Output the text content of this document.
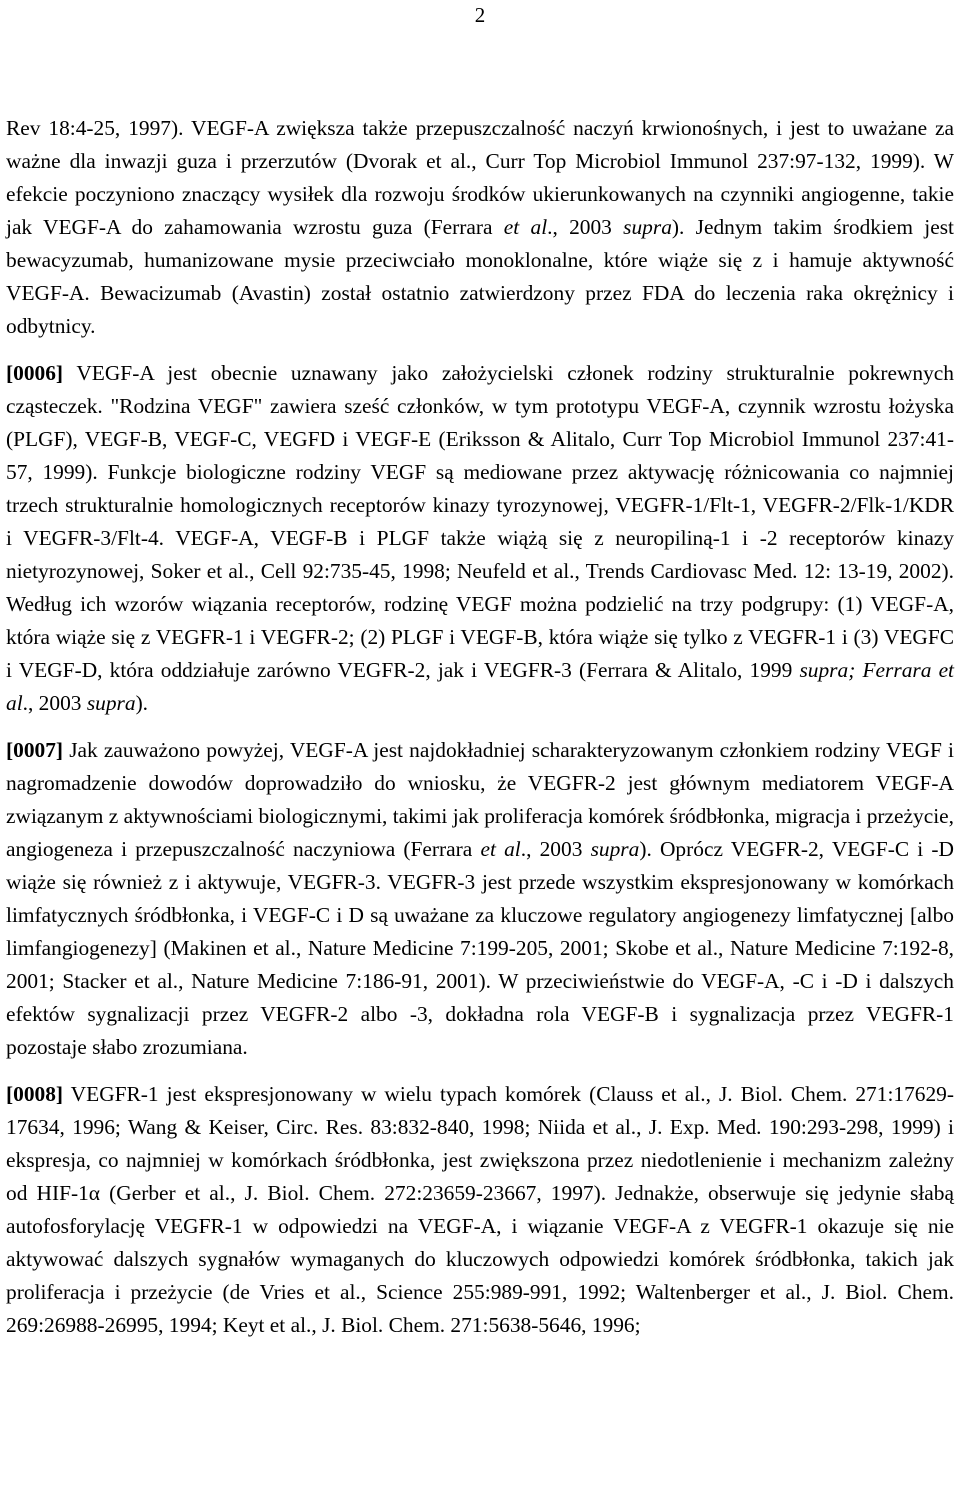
2

Rev 18:4-25, 1997). VEGF-A zwiększa także przepuszczalność naczyń krwionośnych, i jest to uważane za ważne dla inwazji guza i przerzutów (Dvorak et al., Curr Top Microbiol Immunol 237:97-132, 1999). W efekcie poczyniono znaczący wysiłek dla rozwoju środków ukierunkowanych na czynniki angiogenne, takie jak VEGF-A do zahamowania wzrostu guza (Ferrara et al., 2003 supra). Jednym takim środkiem jest bewacyzumab, humanizowane mysie przeciwciało monoklonalne, które wiąże się z i hamuje aktywność VEGF-A. Bewacizumab (Avastin) został ostatnio zatwierdzony przez FDA do leczenia raka okrężnicy i odbytnicy.

[0006] VEGF-A jest obecnie uznawany jako założycielski członek rodziny strukturalnie pokrewnych cząsteczek. "Rodzina VEGF" zawiera sześć członków, w tym prototypu VEGF-A, czynnik wzrostu łożyska (PLGF), VEGF-B, VEGF-C, VEGFD i VEGF-E (Eriksson & Alitalo, Curr Top Microbiol Immunol 237:41-57, 1999). Funkcje biologiczne rodziny VEGF są mediowane przez aktywację różnicowania co najmniej trzech strukturalnie homologicznych receptorów kinazy tyrozynowej, VEGFR-1/Flt-1, VEGFR-2/Flk-1/KDR i VEGFR-3/Flt-4. VEGF-A, VEGF-B i PLGF także wiążą się z neuropiliną-1 i -2 receptorów kinazy nietyrozynowej, Soker et al., Cell 92:735-45, 1998; Neufeld et al., Trends Cardiovasc Med. 12: 13-19, 2002). Według ich wzorów wiązania receptorów, rodzinę VEGF można podzielić na trzy podgrupy: (1) VEGF-A, która wiąże się z VEGFR-1 i VEGFR-2; (2) PLGF i VEGF-B, która wiąże się tylko z VEGFR-1 i (3) VEGFC i VEGF-D, która oddziałuje zarówno VEGFR-2, jak i VEGFR-3 (Ferrara & Alitalo, 1999 supra; Ferrara et al., 2003 supra).

[0007] Jak zauważono powyżej, VEGF-A jest najdokładniej scharakteryzowanym członkiem rodziny VEGF i nagromadzenie dowodów doprowadziło do wniosku, że VEGFR-2 jest głównym mediatorem VEGF-A związanym z aktywnościami biologicznymi, takimi jak proliferacja komórek śródbłonka, migracja i przeżycie, angiogeneza i przepuszczalność naczyniowa (Ferrara et al., 2003 supra). Oprócz VEGFR-2, VEGF-C i -D wiąże się również z i aktywuje, VEGFR-3. VEGFR-3 jest przede wszystkim ekspresjonowany w komórkach limfatycznych śródbłonka, i VEGF-C i D są uważane za kluczowe regulatory angiogenezy limfatycznej [albo limfangiogenezy] (Makinen et al., Nature Medicine 7:199-205, 2001; Skobe et al., Nature Medicine 7:192-8, 2001; Stacker et al., Nature Medicine 7:186-91, 2001). W przeciwieństwie do VEGF-A, -C i -D i dalszych efektów sygnalizacji przez VEGFR-2 albo -3, dokładna rola VEGF-B i sygnalizacja przez VEGFR-1 pozostaje słabo zrozumiana.

[0008] VEGFR-1 jest ekspresjonowany w wielu typach komórek (Clauss et al., J. Biol. Chem. 271:17629-17634, 1996; Wang & Keiser, Circ. Res. 83:832-840, 1998; Niida et al., J. Exp. Med. 190:293-298, 1999) i ekspresja, co najmniej w komórkach śródbłonka, jest zwiększona przez niedotlenienie i mechanizm zależny od HIF-1α (Gerber et al., J. Biol. Chem. 272:23659-23667, 1997). Jednakże, obserwuje się jedynie słabą autofosforylację VEGFR-1 w odpowiedzi na VEGF-A, i wiązanie VEGF-A z VEGFR-1 okazuje się nie aktywować dalszych sygnałów wymaganych do kluczowych odpowiedzi komórek śródbłonka, takich jak proliferacja i przeżycie (de Vries et al., Science 255:989-991, 1992; Waltenberger et al., J. Biol. Chem. 269:26988-26995, 1994; Keyt et al., J. Biol. Chem. 271:5638-5646, 1996;
